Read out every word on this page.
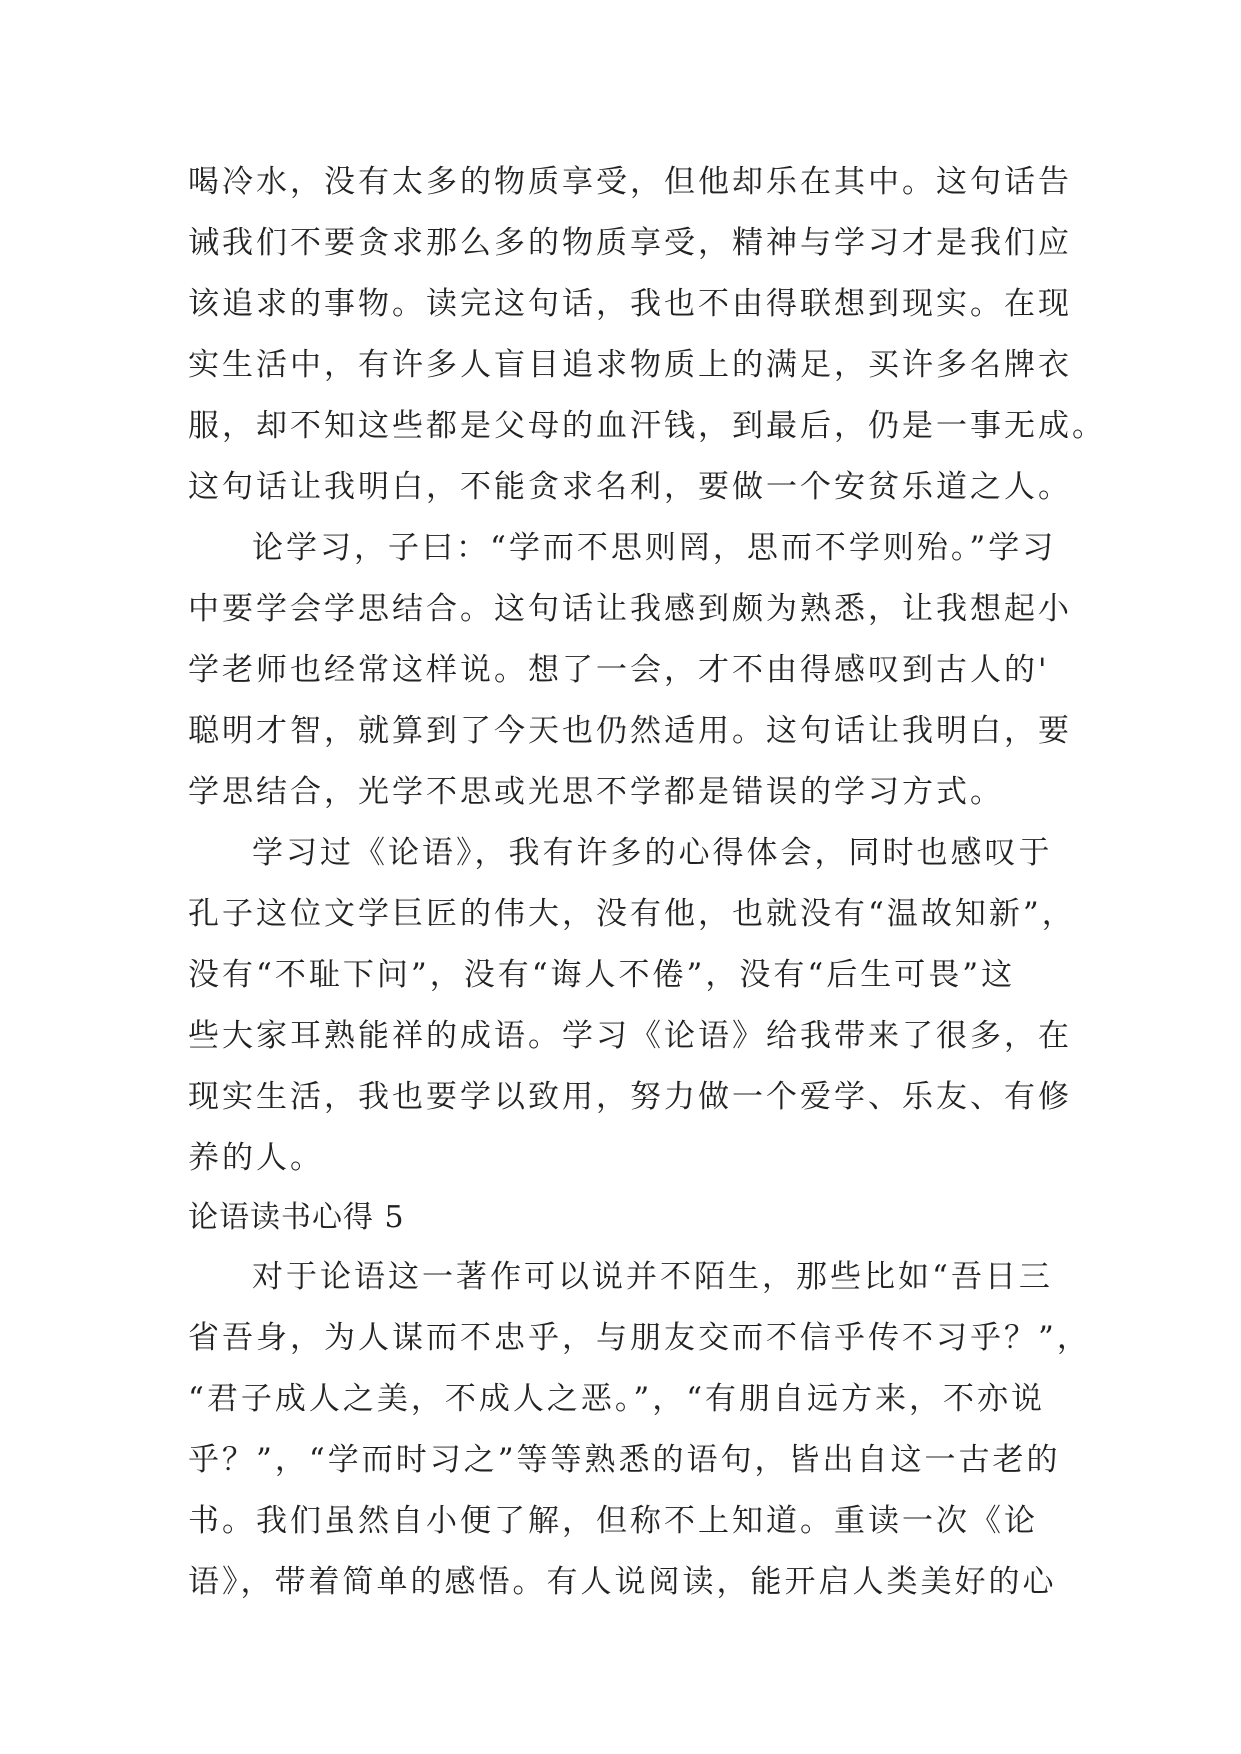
喝冷水，没有太多的物质享受，但他却乐在其中。这句话告
诫我们不要贪求那么多的物质享受，精神与学习才是我们应
该追求的事物。读完这句话，我也不由得联想到现实。在现
实生活中，有许多人盲目追求物质上的满足，买许多名牌衣
服，却不知这些都是父母的血汗钱，到最后，仍是一事无成。
这句话让我明白，不能贪求名利，要做一个安贫乐道之人。
论学习，子曰：“学而不思则罔，思而不学则殆。”学习
中要学会学思结合。这句话让我感到颇为熟悉，让我想起小
学老师也经常这样说。想了一会，才不由得感叹到古人的'
聪明才智，就算到了今天也仍然适用。这句话让我明白，要
学思结合，光学不思或光思不学都是错误的学习方式。
学习过《论语》，我有许多的心得体会，同时也感叹于
孔子这位文学巨匠的伟大，没有他，也就没有“温故知新”，
没有“不耻下问”，没有“诲人不倦”，没有“后生可畏”这
些大家耳熟能祥的成语。学习《论语》给我带来了很多，在
现实生活，我也要学以致用，努力做一个爱学、乐友、有修
养的人。
论语读书心得 5
对于论语这一著作可以说并不陌生，那些比如“吾日三
省吾身，为人谋而不忠乎，与朋友交而不信乎传不习乎？”，
“君子成人之美，不成人之恶。”，“有朋自远方来，不亦说
乎？”，“学而时习之”等等熟悉的语句，皆出自这一古老的
书。我们虽然自小便了解，但称不上知道。重读一次《论
语》，带着简单的感悟。有人说阅读，能开启人类美好的心
